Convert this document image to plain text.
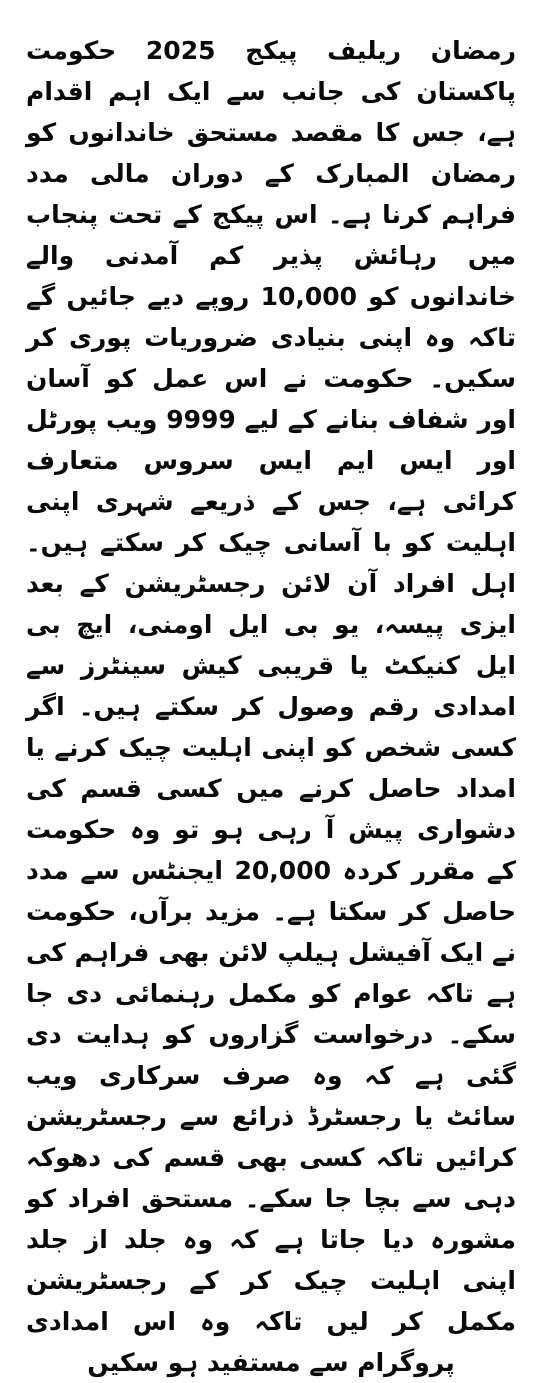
رمضان ریلیف پیکج 2025 حکومت پاکستان کی جانب سے ایک اہم اقدام ہے، جس کا مقصد مستحق خاندانوں کو رمضان المبارک کے دوران مالی مدد فراہم کرنا ہے۔ اس پیکج کے تحت پنجاب میں رہائش پذیر کم آمدنی والے خاندانوں کو 10,000 روپے دیے جائیں گے تاکہ وہ اپنی بنیادی ضروریات پوری کر سکیں۔ حکومت نے اس عمل کو آسان اور شفاف بنانے کے لیے 9999 ویب پورٹل اور ایس ایم ایس سروس متعارف کرائی ہے، جس کے ذریعے شہری اپنی اہلیت کو با آسانی چیک کر سکتے ہیں۔ اہل افراد آن لائن رجسٹریشن کے بعد ایزی پیسہ، یو بی ایل اومنی، ایچ بی ایل کنیکٹ یا قریبی کیش سینٹرز سے امدادی رقم وصول کر سکتے ہیں۔ اگر کسی شخص کو اپنی اہلیت چیک کرنے یا امداد حاصل کرنے میں کسی قسم کی دشواری پیش آ رہی ہو تو وہ حکومت کے مقرر کردہ 20,000 ایجنٹس سے مدد حاصل کر سکتا ہے۔ مزید برآں، حکومت نے ایک آفیشل ہیلپ لائن بھی فراہم کی ہے تاکہ عوام کو مکمل رہنمائی دی جا سکے۔ درخواست گزاروں کو ہدایت دی گئی ہے کہ وہ صرف سرکاری ویب سائٹ یا رجسٹرڈ ذرائع سے رجسٹریشن کرائیں تاکہ کسی بھی قسم کی دھوکہ دہی سے بچا جا سکے۔ مستحق افراد کو مشورہ دیا جاتا ہے کہ وہ جلد از جلد اپنی اہلیت چیک کر کے رجسٹریشن مکمل کر لیں تاکہ وہ اس امدادی پروگرام سے مستفید ہو سکیں
